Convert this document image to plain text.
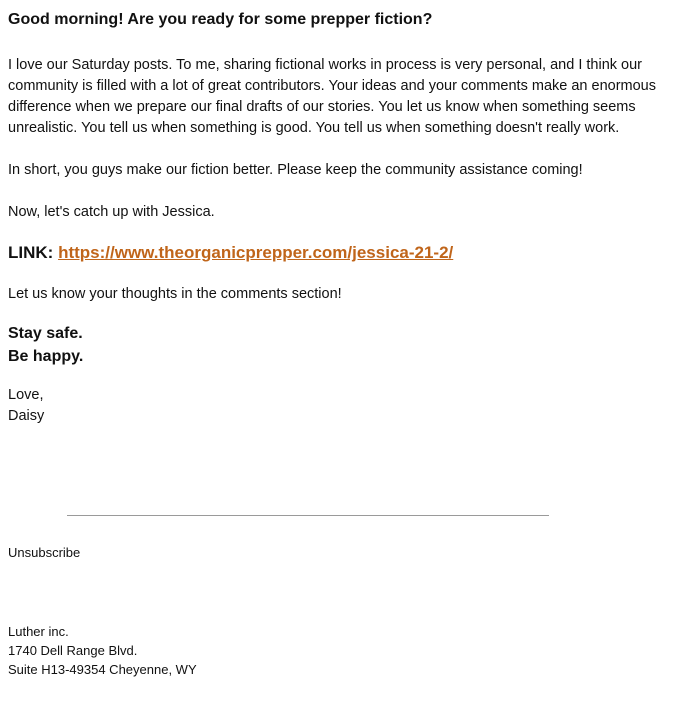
Good morning! Are you ready for some prepper fiction?

I love our Saturday posts. To me, sharing fictional works in process is very personal, and I think our community is filled with a lot of great contributors. Your ideas and your comments make an enormous difference when we prepare our final drafts of our stories. You let us know when something seems unrealistic. You tell us when something is good. You tell us when something doesn't really work.

In short, you guys make our fiction better. Please keep the community assistance coming!

Now, let's catch up with Jessica.

LINK: https://www.theorganicprepper.com/jessica-21-2/

Let us know your thoughts in the comments section!

Stay safe.
Be happy.
Love,
Daisy
Unsubscribe
Luther inc.
1740 Dell Range Blvd.
Suite H13-49354 Cheyenne, WY
